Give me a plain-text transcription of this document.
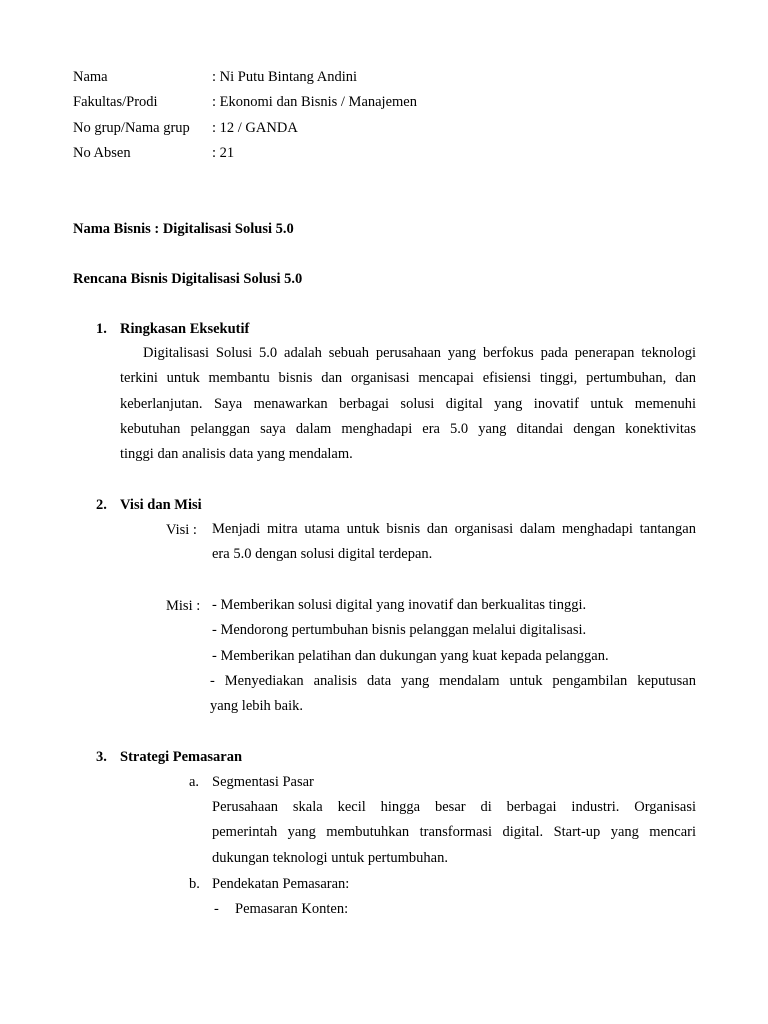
Nama	: Ni Putu Bintang Andini
Fakultas/Prodi	: Ekonomi dan Bisnis / Manajemen
No grup/Nama grup : 12 / GANDA
No Absen	: 21
Nama Bisnis : Digitalisasi Solusi 5.0
Rencana Bisnis Digitalisasi Solusi 5.0
1. Ringkasan Eksekutif
Digitalisasi Solusi 5.0 adalah sebuah perusahaan yang berfokus pada penerapan teknologi
terkini untuk membantu bisnis dan organisasi mencapai efisiensi tinggi, pertumbuhan, dan
keberlanjutan. Saya menawarkan berbagai solusi digital yang inovatif untuk memenuhi
kebutuhan pelanggan saya dalam menghadapi era 5.0 yang ditandai dengan konektivitas
tinggi dan analisis data yang mendalam.
2. Visi dan Misi
Visi : Menjadi mitra utama untuk bisnis dan organisasi dalam menghadapi tantangan
era 5.0 dengan solusi digital terdepan.
Misi : - Memberikan solusi digital yang inovatif dan berkualitas tinggi.
- Mendorong pertumbuhan bisnis pelanggan melalui digitalisasi.
- Memberikan pelatihan dan dukungan yang kuat kepada pelanggan.
- Menyediakan analisis data yang mendalam untuk pengambilan keputusan
yang lebih baik.
3. Strategi Pemasaran
a. Segmentasi Pasar
Perusahaan skala kecil hingga besar di berbagai industri. Organisasi
pemerintah yang membutuhkan transformasi digital. Start-up yang mencari
dukungan teknologi untuk pertumbuhan.
b. Pendekatan Pemasaran:
- Pemasaran Konten:
